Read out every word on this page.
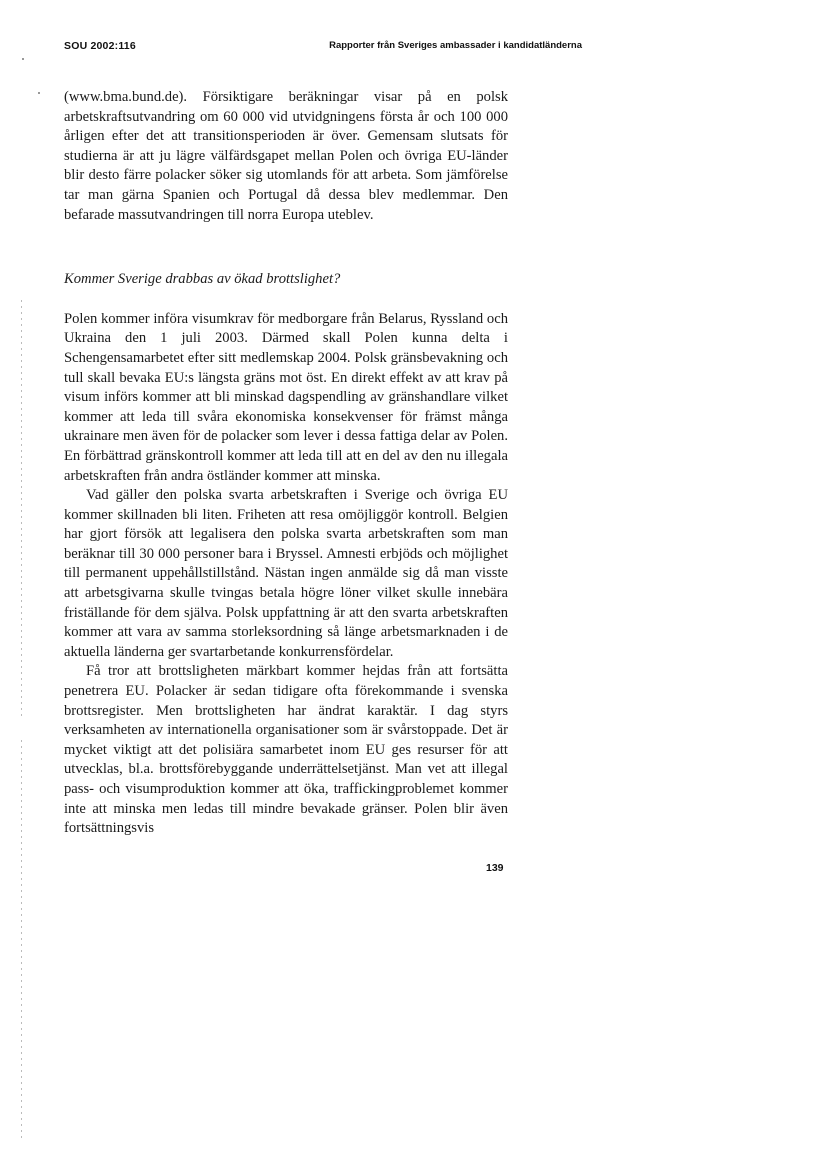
SOU 2002:116	Rapporter från Sveriges ambassader i kandidatländerna

(www.bma.bund.de). Försiktigare beräkningar visar på en polsk arbetskraftsutvandring om 60 000 vid utvidgningens första år och 100 000 årligen efter det att transitionsperioden är över. Gemensam slutsats för studierna är att ju lägre välfärdsgapet mellan Polen och övriga EU-länder blir desto färre polacker söker sig utomlands för att arbeta. Som jämförelse tar man gärna Spanien och Portugal då dessa blev medlemmar. Den befarade massutvandringen till norra Europa uteblev.

Kommer Sverige drabbas av ökad brottslighet?

Polen kommer införa visumkrav för medborgare från Belarus, Ryssland och Ukraina den 1 juli 2003. Därmed skall Polen kunna delta i Schengensamarbetet efter sitt medlemskap 2004. Polsk gränsbevakning och tull skall bevaka EU:s längsta gräns mot öst. En direkt effekt av att krav på visum införs kommer att bli minskad dagspendling av gränshandlare vilket kommer att leda till svåra ekonomiska konsekvenser för främst många ukrainare men även för de polacker som lever i dessa fattiga delar av Polen. En förbättrad gränskontroll kommer att leda till att en del av den nu illegala arbetskraften från andra östländer kommer att minska.

Vad gäller den polska svarta arbetskraften i Sverige och övriga EU kommer skillnaden bli liten. Friheten att resa omöjliggör kontroll. Belgien har gjort försök att legalisera den polska svarta arbetskraften som man beräknar till 30 000 personer bara i Bryssel. Amnesti erbjöds och möjlighet till permanent uppehållstillstånd. Nästan ingen anmälde sig då man visste att arbetsgivarna skulle tvingas betala högre löner vilket skulle innebära friställande för dem själva. Polsk uppfattning är att den svarta arbetskraften kommer att vara av samma storleksordning så länge arbetsmarknaden i de aktuella länderna ger svartarbetande konkurrensfördelar.

Få tror att brottsligheten märkbart kommer hejdas från att fortsätta penetrera EU. Polacker är sedan tidigare ofta förekommande i svenska brottsregister. Men brottsligheten har ändrat karaktär. I dag styrs verksamheten av internationella organisationer som är svårstoppade. Det är mycket viktigt att det polisiära samarbetet inom EU ges resurser för att utvecklas, bl.a. brottsförebyggande underrättelsetjänst. Man vet att illegal pass- och visumproduktion kommer att öka, traffickingproblemet kommer inte att minska men ledas till mindre bevakade gränser. Polen blir även fortsättningsvis

139
